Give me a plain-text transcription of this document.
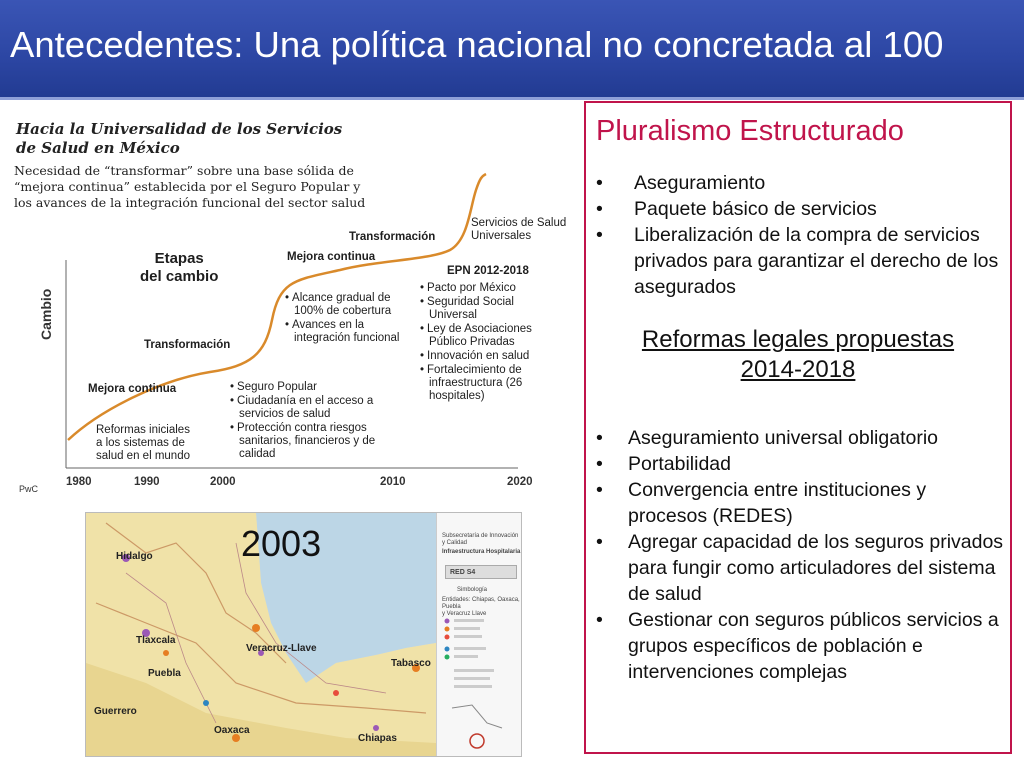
Antecedentes: Una política nacional no concretada al 100
Hacia la Universalidad de los Servicios
de Salud en México
Necesidad de “transformar” sobre una base sólida de
“mejora continua” establecida por el Seguro Popular y
los avances de la integración funcional del sector salud
Cambio
Etapas
del cambio
Mejora continua
Transformación
Mejora continua
Transformación
Servicios de Salud
Universales
Reformas iniciales
a los sistemas de
salud en el mundo
• Seguro Popular
• Ciudadanía en el acceso a servicios de salud
• Protección contra riesgos sanitarios, financieros y de calidad
• Alcance gradual de 100% de cobertura
• Avances en la integración funcional
EPN 2012-2018
• Pacto por México
• Seguridad Social Universal
• Ley de Asociaciones Público Privadas
• Innovación en salud
• Fortalecimiento de infraestructura (26 hospitales)
1980	1990	2000	2010	2020
PwC
2003
Hidalgo
Tlaxcala
Puebla
Veracruz-Llave
Tabasco
Guerrero
Oaxaca
Chiapas
Subsecretaría de Innovación y Calidad
Infraestructura Hospitalaria
RED S4
Simbología
Entidades: Chiapas, Oaxaca, Puebla
y Veracruz Llave
Pluralismo Estructurado
• Aseguramiento
• Paquete básico de servicios
• Liberalización de la compra de servicios privados para garantizar el derecho de los asegurados
Reformas legales propuestas
2014-2018
• Aseguramiento universal obligatorio
• Portabilidad
• Convergencia entre instituciones y procesos (REDES)
• Agregar capacidad de los seguros privados para fungir como articuladores del sistema de salud
• Gestionar con seguros públicos servicios a grupos específicos de población e intervenciones complejas
